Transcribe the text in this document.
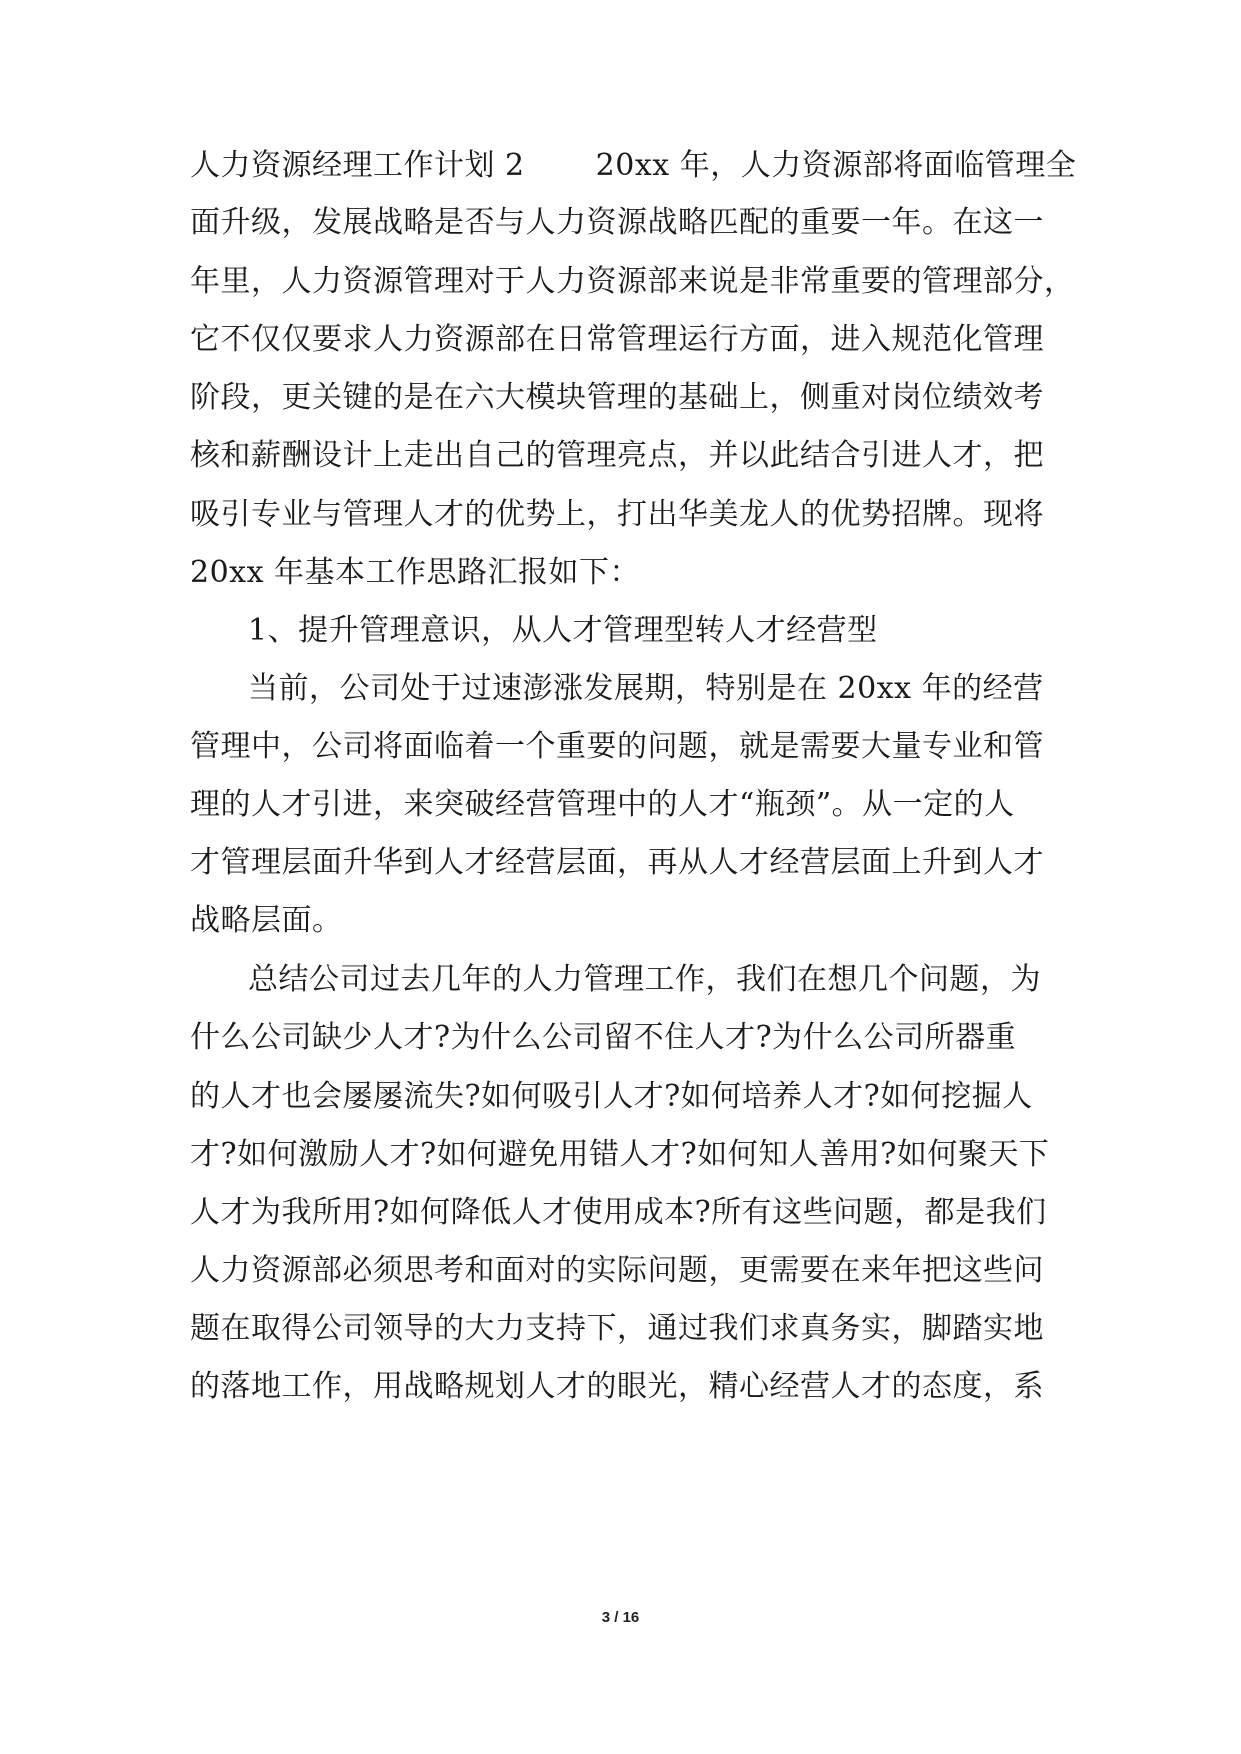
人力资源经理工作计划 2　　 20xx 年，人力资源部将面临管理全
面升级，发展战略是否与人力资源战略匹配的重要一年。在这一
年里，人力资源管理对于人力资源部来说是非常重要的管理部分，
它不仅仅要求人力资源部在日常管理运行方面，进入规范化管理
阶段，更关键的是在六大模块管理的基础上，侧重对岗位绩效考
核和薪酬设计上走出自己的管理亮点，并以此结合引进人才，把
吸引专业与管理人才的优势上，打出华美龙人的优势招牌。现将
20xx 年基本工作思路汇报如下：
1、提升管理意识，从人才管理型转人才经营型
当前，公司处于过速澎涨发展期，特别是在 20xx 年的经营
管理中，公司将面临着一个重要的问题，就是需要大量专业和管
理的人才引进，来突破经营管理中的人才“瓶颈”。从一定的人
才管理层面升华到人才经营层面，再从人才经营层面上升到人才
战略层面。
总结公司过去几年的人力管理工作，我们在想几个问题，为
什么公司缺少人才?为什么公司留不住人才?为什么公司所器重
的人才也会屡屡流失?如何吸引人才?如何培养人才?如何挖掘人
才?如何激励人才?如何避免用错人才?如何知人善用?如何聚天下
人才为我所用?如何降低人才使用成本?所有这些问题，都是我们
人力资源部必须思考和面对的实际问题，更需要在来年把这些问
题在取得公司领导的大力支持下，通过我们求真务实，脚踏实地
的落地工作，用战略规划人才的眼光，精心经营人才的态度，系
3 / 16
